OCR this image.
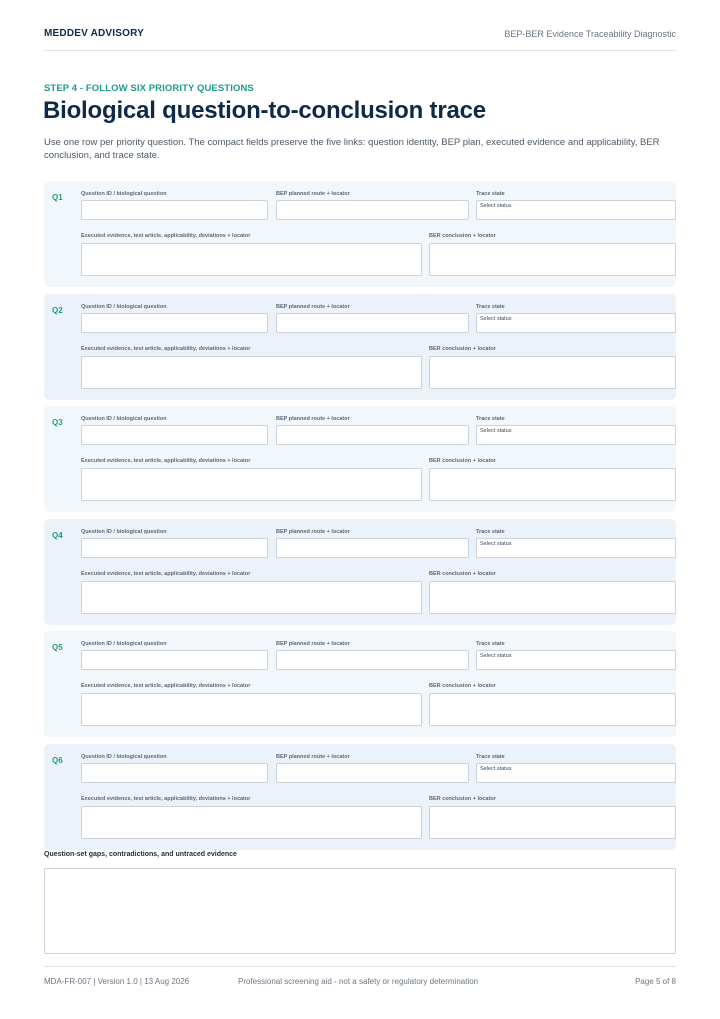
MEDDEV ADVISORY	BEP-BER Evidence Traceability Diagnostic
STEP 4 - FOLLOW SIX PRIORITY QUESTIONS
Biological question-to-conclusion trace
Use one row per priority question. The compact fields preserve the five links: question identity, BEP plan, executed evidence and applicability, BER conclusion, and trace state.
Q1	Question ID / biological question	BEP planned route + locator	Trace state
Select status
Executed evidence, test article, applicability, deviations + locator	BER conclusion + locator
Q2	Question ID / biological question	BEP planned route + locator	Trace state
Select status
Executed evidence, test article, applicability, deviations + locator	BER conclusion + locator
Q3	Question ID / biological question	BEP planned route + locator	Trace state
Select status
Executed evidence, test article, applicability, deviations + locator	BER conclusion + locator
Q4	Question ID / biological question	BEP planned route + locator	Trace state
Select status
Executed evidence, test article, applicability, deviations + locator	BER conclusion + locator
Q5	Question ID / biological question	BEP planned route + locator	Trace state
Select status
Executed evidence, test article, applicability, deviations + locator	BER conclusion + locator
Q6	Question ID / biological question	BEP planned route + locator	Trace state
Select status
Executed evidence, test article, applicability, deviations + locator	BER conclusion + locator
Question-set gaps, contradictions, and untraced evidence
MDA-FR-007 | Version 1.0 | 13 Aug 2026	Professional screening aid - not a safety or regulatory determination	Page 5 of 8
